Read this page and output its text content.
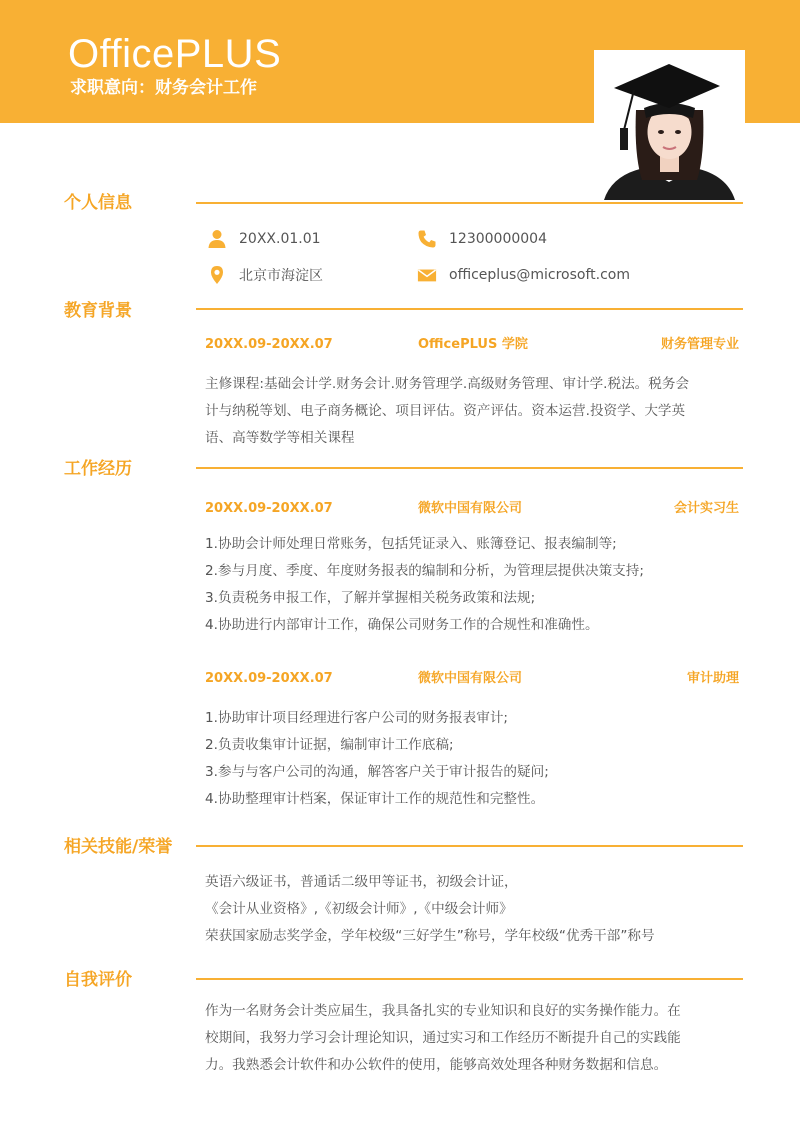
OfficePLUS
求职意向：财务会计工作
个人信息
20XX.01.01	12300000004
北京市海淀区	officeplus@microsoft.com
教育背景
20XX.09-20XX.07	OfficePLUS 学院	财务管理专业

主修课程:基础会计学.财务会计.财务管理学.高级财务管理、审计学.税法。税务会

计与纳税等划、电子商务概论、项目评估。资产评估。资本运营.投资学、大学英

语、高等数学等相关课程

工作经历
20XX.09-20XX.07	微软中国有限公司	会计实习生

1.协助会计师处理日常账务，包括凭证录入、账簿登记、报表编制等;

2.参与月度、季度、年度财务报表的编制和分析，为管理层提供决策支持;

3.负责税务申报工作，了解并掌握相关税务政策和法规;

4.协助进行内部审计工作，确保公司财务工作的合规性和准确性。

20XX.09-20XX.07	微软中国有限公司	审计助理

1.协助审计项目经理进行客户公司的财务报表审计;

2.负责收集审计证据，编制审计工作底稿;

3.参与与客户公司的沟通，解答客户关于审计报告的疑问;

4.协助整理审计档案，保证审计工作的规范性和完整性。

相关技能/荣誉

英语六级证书，普通话二级甲等证书，初级会计证，

《会计从业资格》,《初级会计师》,《中级会计师》

荣获国家励志奖学金，学年校级“三好学生”称号，学年校级“优秀干部”称号

自我评价

作为一名财务会计类应届生，我具备扎实的专业知识和良好的实务操作能力。在

校期间，我努力学习会计理论知识，通过实习和工作经历不断提升自己的实践能

力。我熟悉会计软件和办公软件的使用，能够高效处理各种财务数据和信息。
